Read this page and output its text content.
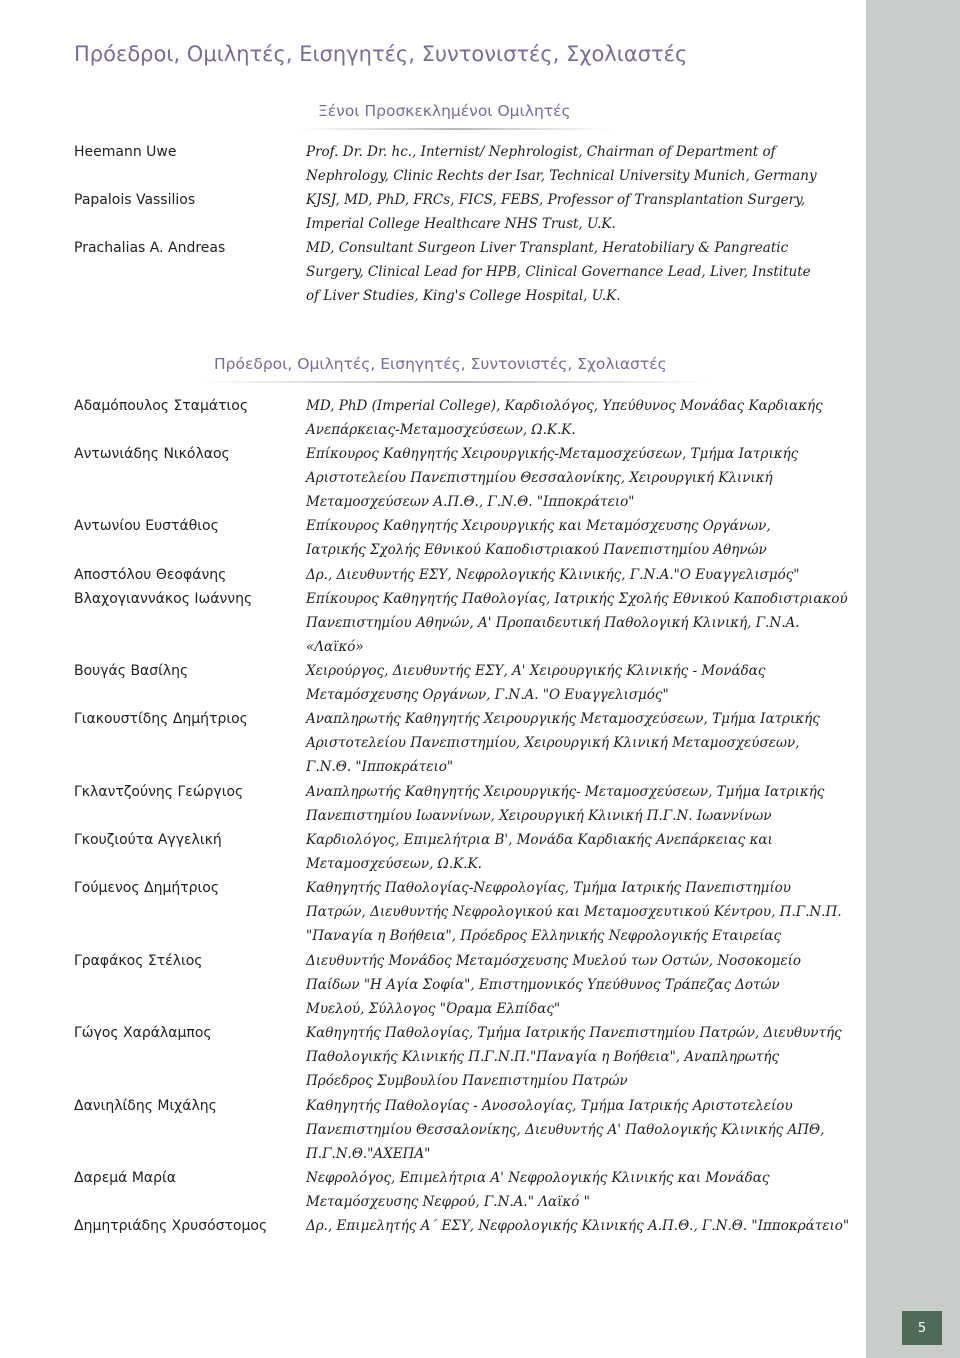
5
Πρόεδροι, Ομιλητές, Εισηγητές, Συντονιστές, Σχολιαστές
Ξένοι Προσκεκλημένοι Ομιλητές
Heemann Uwe	Prof. Dr. Dr. hc., Internist/ Nephrologist, Chairman of Department of
Nephrology, Clinic Rechts der Isar, Technical University Munich, Germany
Papalois Vassilios	KJSJ, MD, PhD, FRCs, FICS, FEBS, Professor of Transplantation Surgery,
Imperial College Healthcare NHS Trust, U.K.
Prachalias A. Andreas	MD, Consultant Surgeon Liver Transplant, Heratobiliary & Pangreatic
Surgery, Clinical Lead for HPB, Clinical Governance Lead, Liver, Institute
of Liver Studies, King's College Hospital, U.K.
Πρόεδροι, Ομιλητές, Εισηγητές, Συντονιστές, Σχολιαστές
Αδαμόπουλος Σταμάτιος	MD, PhD (Imperial College), Καρδιολόγος, Υπεύθυνος Μονάδας Καρδιακής
Ανεπάρκειας-Μεταμοσχεύσεων, Ω.Κ.Κ.
Αντωνιάδης Νικόλαος	Επίκουρος Καθηγητής Χειρουργικής-Μεταμοσχεύσεων, Τμήμα Ιατρικής
Αριστοτελείου Πανεπιστημίου Θεσσαλονίκης, Χειρουργική Κλινική
Μεταμοσχεύσεων Α.Π.Θ., Γ.Ν.Θ. "Ιπποκράτειο"
Αντωνίου Ευστάθιος	Επίκουρος Καθηγητής Χειρουργικής και Μεταμόσχευσης Οργάνων,
Ιατρικής Σχολής Εθνικού Καποδιστριακού Πανεπιστημίου Αθηνών
Αποστόλου Θεοφάνης	Δρ., Διευθυντής ΕΣΥ, Νεφρολογικής Κλινικής, Γ.Ν.Α."Ο Ευαγγελισμός"
Βλαχογιαννάκος Ιωάννης	Επίκουρος Καθηγητής Παθολογίας, Ιατρικής Σχολής Εθνικού Καποδιστριακού
Πανεπιστημίου Αθηνών, Α' Προπαιδευτική Παθολογική Κλινική, Γ.Ν.Α.
«Λαϊκό»
Βουγάς Βασίλης	Χειρούργος, Διευθυντής ΕΣΥ, Α' Χειρουργικής Κλινικής - Μονάδας
Μεταμόσχευσης Οργάνων, Γ.Ν.Α. "Ο Ευαγγελισμός"
Γιακουστίδης Δημήτριος	Αναπληρωτής Καθηγητής Χειρουργικής Μεταμοσχεύσεων, Τμήμα Ιατρικής
Αριστοτελείου Πανεπιστημίου, Χειρουργική Κλινική Μεταμοσχεύσεων,
Γ.Ν.Θ. "Ιπποκράτειο"
Γκλαντζούνης Γεώργιος	Αναπληρωτής Καθηγητής Χειρουργικής- Μεταμοσχεύσεων, Τμήμα Ιατρικής
Πανεπιστημίου Ιωαννίνων, Χειρουργική Κλινική Π.Γ.Ν. Ιωαννίνων
Γκουζιούτα Αγγελική	Καρδιολόγος, Επιμελήτρια Β', Μονάδα Καρδιακής Ανεπάρκειας και
Μεταμοσχεύσεων, Ω.Κ.Κ.
Γούμενος Δημήτριος	Καθηγητής Παθολογίας-Νεφρολογίας, Τμήμα Ιατρικής Πανεπιστημίου
Πατρών, Διευθυντής Νεφρολογικού και Μεταμοσχευτικού Κέντρου, Π.Γ.Ν.Π.
"Παναγία η Βοήθεια", Πρόεδρος Ελληνικής Νεφρολογικής Εταιρείας
Γραφάκος Στέλιος	Διευθυντής Μονάδος Μεταμόσχευσης Μυελού των Οστών, Νοσοκομείο
Παίδων "Η Αγία Σοφία", Επιστημονικός Υπεύθυνος Τράπεζας Δοτών
Μυελού, Σύλλογος "Όραμα Ελπίδας"
Γώγος Χαράλαμπος	Καθηγητής Παθολογίας, Τμήμα Ιατρικής Πανεπιστημίου Πατρών, Διευθυντής
Παθολογικής Κλινικής Π.Γ.Ν.Π."Παναγία η Βοήθεια", Αναπληρωτής
Πρόεδρος Συμβουλίου Πανεπιστημίου Πατρών
Δανιηλίδης Μιχάλης	Καθηγητής Παθολογίας - Ανοσολογίας, Τμήμα Ιατρικής Αριστοτελείου
Πανεπιστημίου Θεσσαλονίκης, Διευθυντής Α' Παθολογικής Κλινικής ΑΠΘ,
Π.Γ.Ν.Θ."ΑΧΕΠΑ"
Δαρεμά Μαρία	Νεφρολόγος, Επιμελήτρια Α' Νεφρολογικής Κλινικής και Μονάδας
Μεταμόσχευσης Νεφρού, Γ.Ν.Α." Λαϊκό "
Δημητριάδης Χρυσόστομος	Δρ., Επιμελητής Α΄ ΕΣΥ, Νεφρολογικής Κλινικής Α.Π.Θ., Γ.Ν.Θ. "Ιπποκράτειο"
